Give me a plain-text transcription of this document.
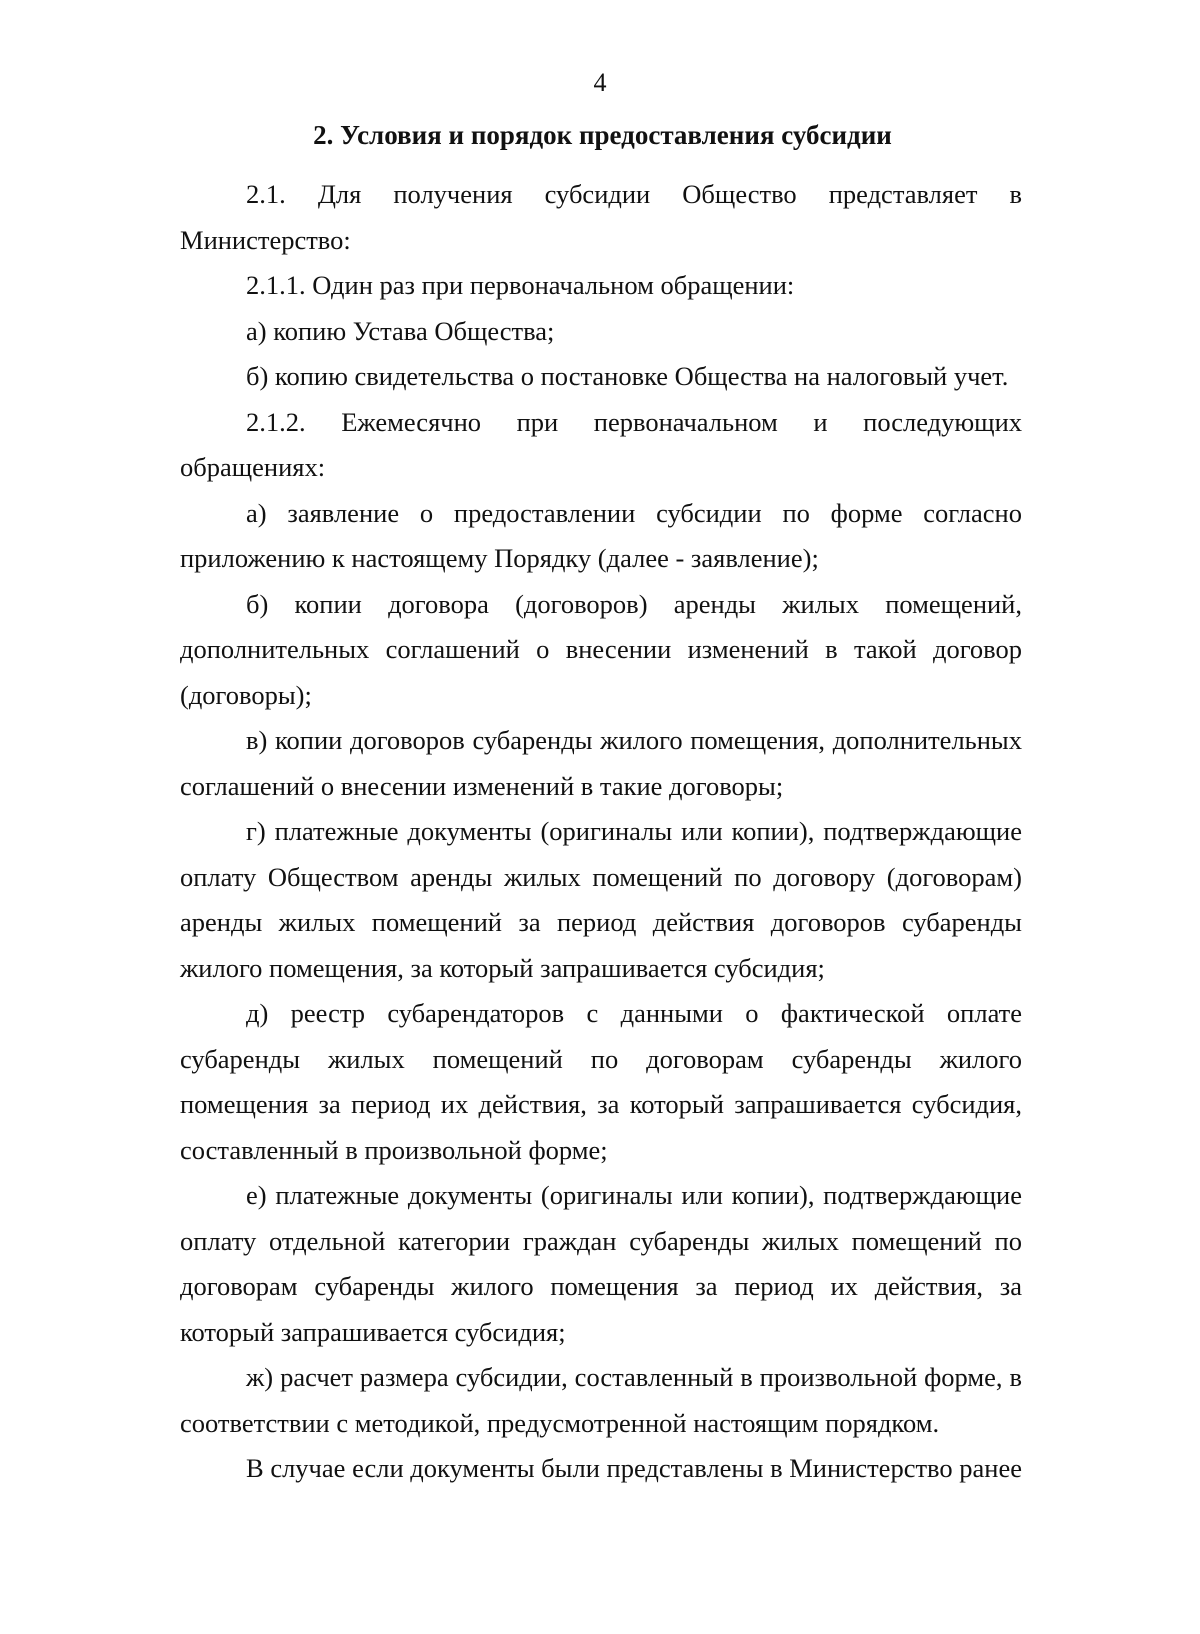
4
2. Условия и порядок предоставления субсидии

2.1. Для получения субсидии Общество представляет в Министерство:

2.1.1. Один раз при первоначальном обращении:

а) копию Устава Общества;

б) копию свидетельства о постановке Общества на налоговый учет.

2.1.2. Ежемесячно при первоначальном и последующих обращениях:

а) заявление о предоставлении субсидии по форме согласно приложению к настоящему Порядку (далее - заявление);

б) копии договора (договоров) аренды жилых помещений, дополнительных соглашений о внесении изменений в такой договор (договоры);

в) копии договоров субаренды жилого помещения, дополнительных соглашений о внесении изменений в такие договоры;

г) платежные документы (оригиналы или копии), подтверждающие оплату Обществом аренды жилых помещений по договору (договорам) аренды жилых помещений за период действия договоров субаренды жилого помещения, за который запрашивается субсидия;

д) реестр субарендаторов с данными о фактической оплате субаренды жилых помещений по договорам субаренды жилого помещения за период их действия, за который запрашивается субсидия, составленный в произвольной форме;

е) платежные документы (оригиналы или копии), подтверждающие оплату отдельной категории граждан субаренды жилых помещений по договорам субаренды жилого помещения за период их действия, за который запрашивается субсидия;

ж) расчет размера субсидии, составленный в произвольной форме, в соответствии с методикой, предусмотренной настоящим порядком.

В случае если документы были представлены в Министерство ранее
